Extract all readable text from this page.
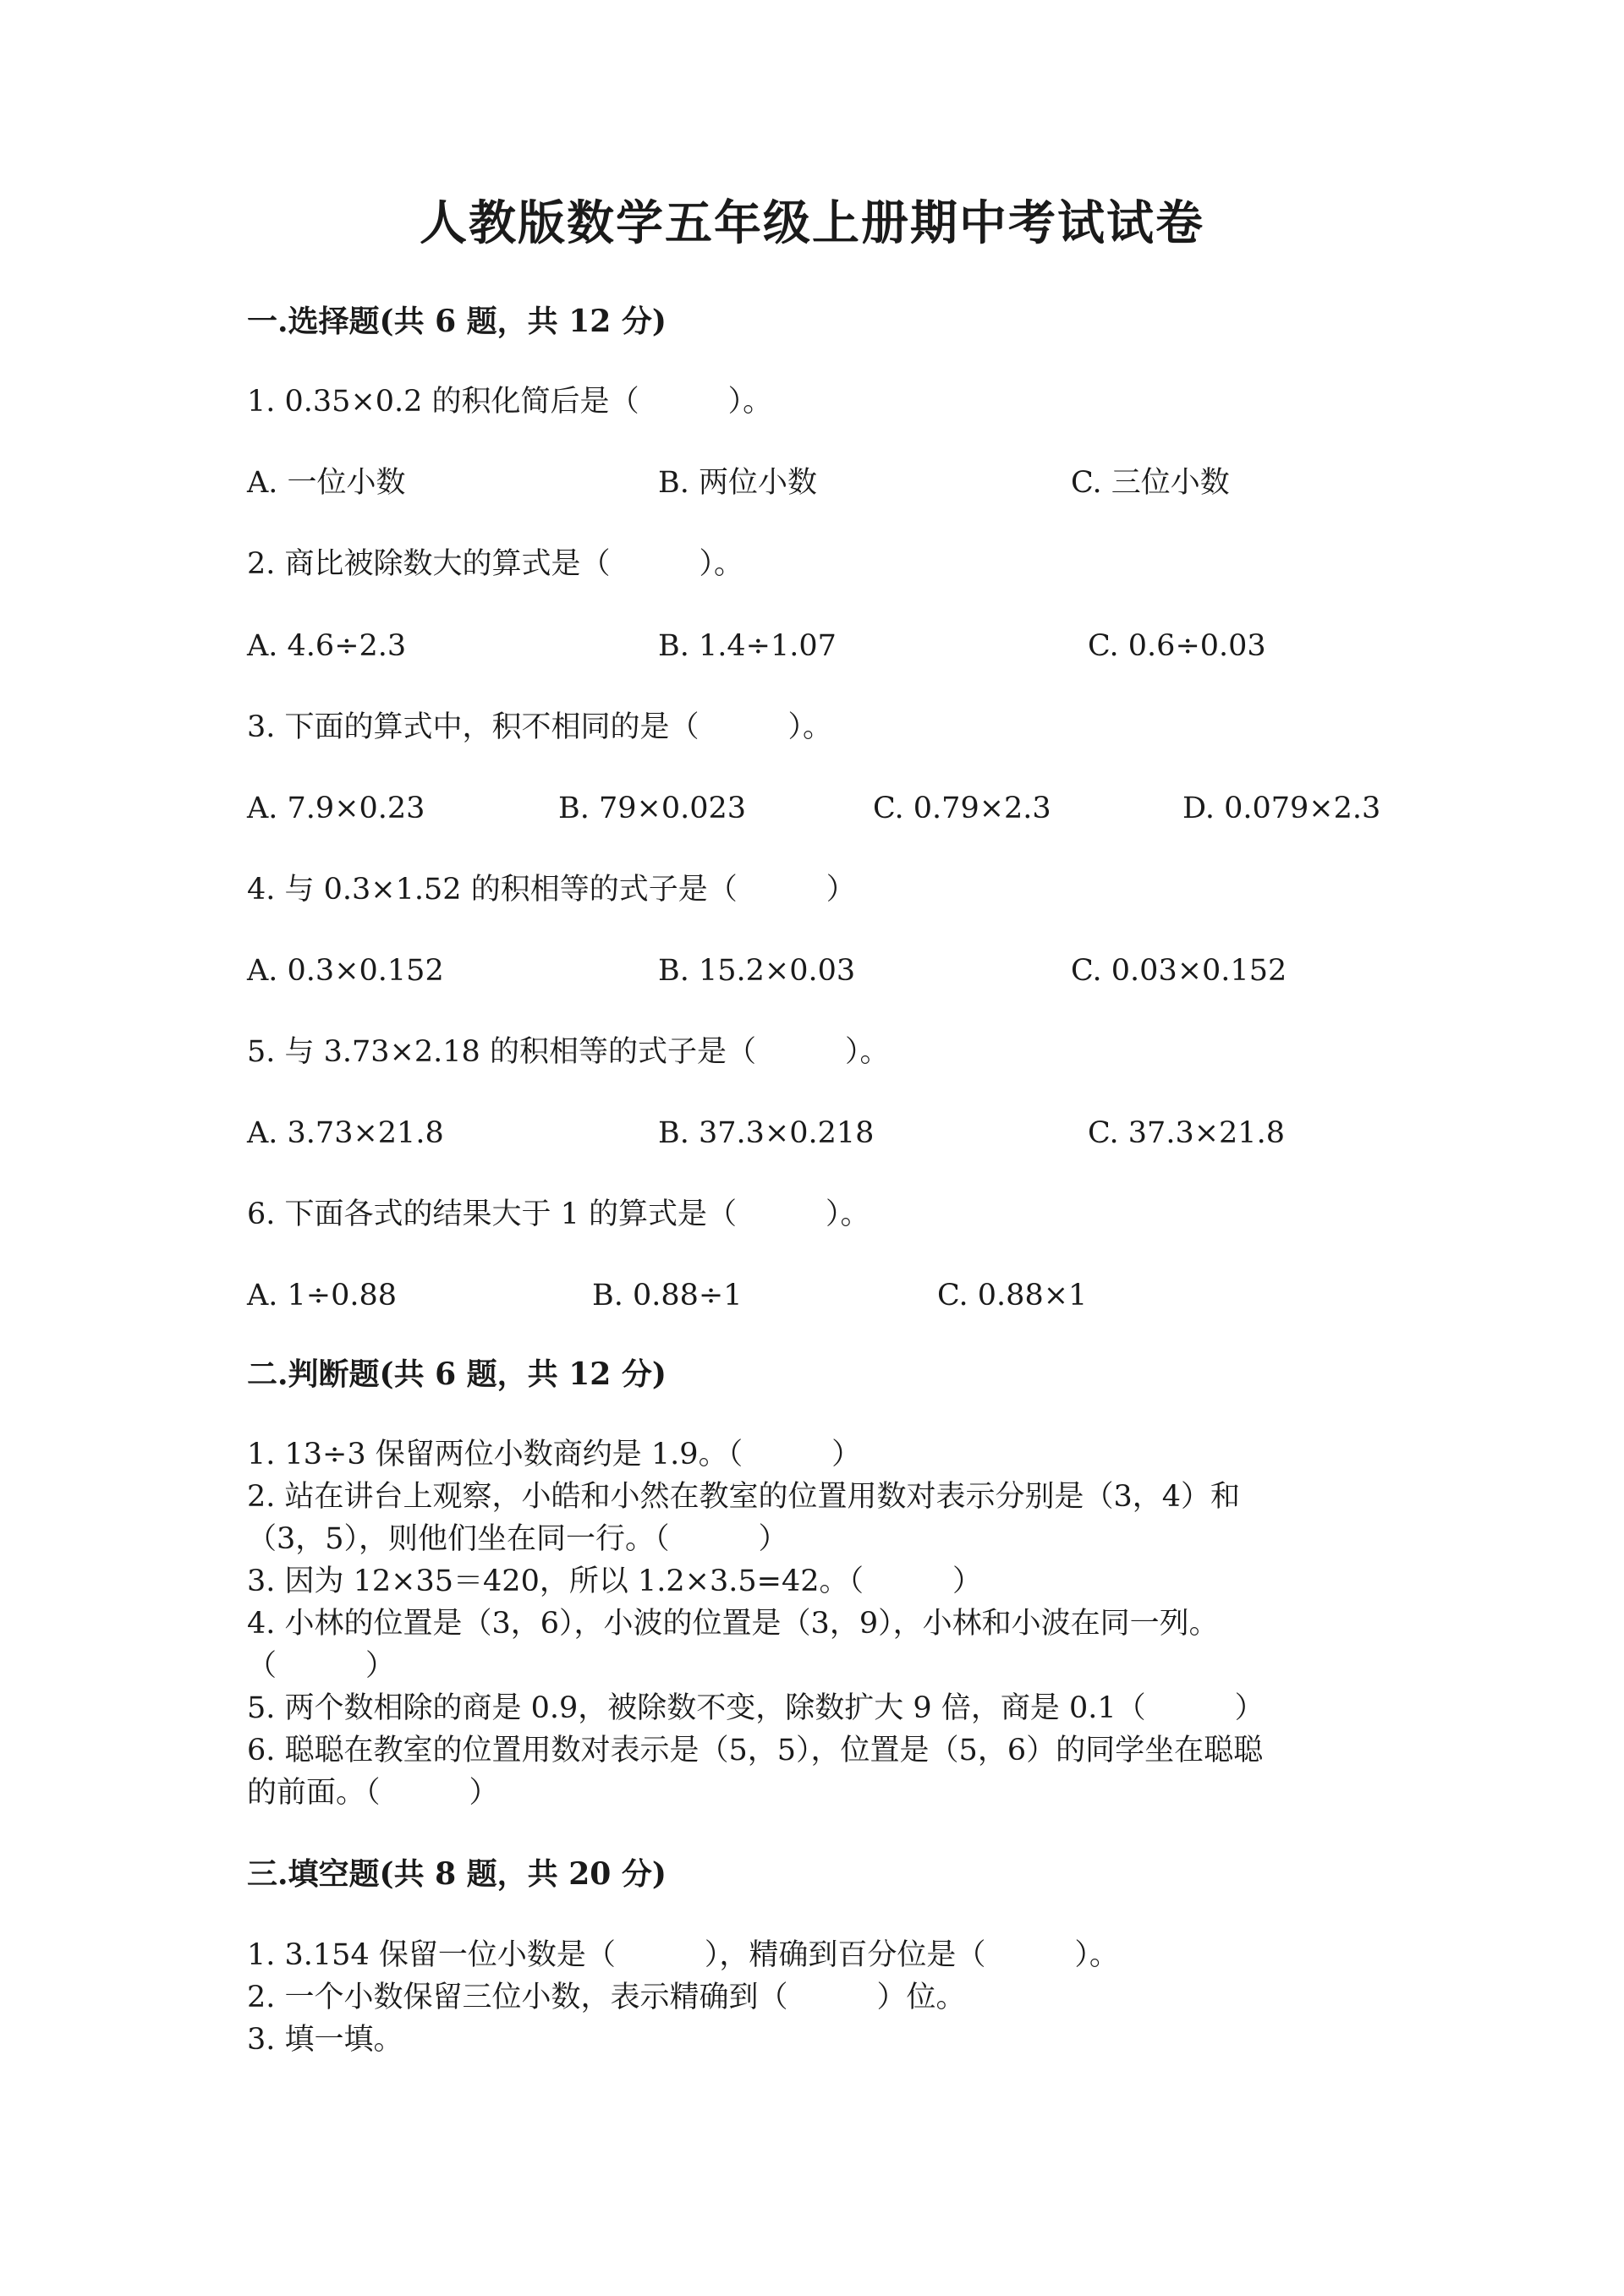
人教版数学五年级上册期中考试试卷
一.选择题(共 6 题，共 12 分)
1. 0.35×0.2 的积化简后是（　　　）。
A. 一位小数	B. 两位小数	C. 三位小数
2. 商比被除数大的算式是（　　　）。
A. 4.6÷2.3	B. 1.4÷1.07	C. 0.6÷0.03
3. 下面的算式中，积不相同的是（　　　）。
A. 7.9×0.23	B. 79×0.023	C. 0.79×2.3	D. 0.079×2.3
4. 与 0.3×1.52 的积相等的式子是（　　　）
A. 0.3×0.152	B. 15.2×0.03	C. 0.03×0.152
5. 与 3.73×2.18 的积相等的式子是（　　　）。
A. 3.73×21.8	B. 37.3×0.218	C. 37.3×21.8
6. 下面各式的结果大于 1 的算式是（　　　）。
A. 1÷0.88	B. 0.88÷1	C. 0.88×1
二.判断题(共 6 题，共 12 分)
1. 13÷3 保留两位小数商约是 1.9。（　　　）
2. 站在讲台上观察，小皓和小然在教室的位置用数对表示分别是（3，4）和
（3，5），则他们坐在同一行。（　　　）
3. 因为 12×35＝420，所以 1.2×3.5=42。（　　　）
4. 小林的位置是（3，6），小波的位置是（3，9），小林和小波在同一列。
（　　　）
5. 两个数相除的商是 0.9，被除数不变，除数扩大 9 倍，商是 0.1（　　　）
6. 聪聪在教室的位置用数对表示是（5，5），位置是（5，6）的同学坐在聪聪
的前面。（　　　）
三.填空题(共 8 题，共 20 分)
1. 3.154 保留一位小数是（　　　），精确到百分位是（　　　）。
2. 一个小数保留三位小数，表示精确到（　　　）位。
3. 填一填。
